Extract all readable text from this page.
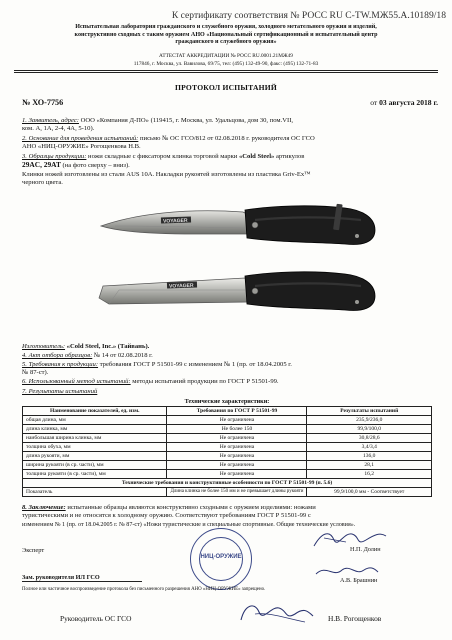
К сертификату соответствия № РОСС RU С-TW.МЖ55.А.10189/18
Испытательная лаборатория гражданского и служебного оружия, холодного метательного оружия и изделий,
конструктивно сходных с таким оружием АНО «Национальный сертификационный и испытательный центр
гражданского и служебного оружия»
АТТЕСТАТ АККРЕДИТАЦИИ № РОСС RU.0001.21МЖ49
117846, г. Москва, ул. Вавилова, 69/75, тел: (495) 132-49-90, факс: (495) 132-71-83
ПРОТОКОЛ ИСПЫТАНИЙ
№ ХО-7756	от 03 августа 2018 г.
1. Заявитель, адрес: ООО «Компания Д-ПО» (119415, г. Москва, ул. Удальцова, дом 30, пом.VII,
ком. А, 1А, 2-4, 4А, 5-10).
2. Основание для проведения испытаний: письмо № ОС ГСО/812 от 02.08.2018 г. руководителя ОС ГСО
АНО «НИЦ-ОРУЖИЕ» Рогощенкова Н.В.
3. Образцы продукции: ножи складные с фиксатором клинка торговой марки «Cold Steel» артикулов
29AC, 29AT (на фото сверху – вниз).
Клинки ножей изготовлены из стали AUS 10A. Накладки рукоятей изготовлены из пластика Griv-Ex™
черного цвета.
VOYAGER
VOYAGER
Изготовитель: «Cold Steel, Inc.» (Тайвань).
4. Акт отбора образцов: № 14 от 02.08.2018 г.
5. Требования к продукции: требования ГОСТ Р 51501-99 с изменением № 1 (пр. от 18.04.2005 г.
№ 87-ст).
6. Использованный метод испытаний: методы испытаний продукции по ГОСТ Р 51501-99.
7. Результаты испытаний
Технические характеристики:
Наименование показателей, ед. изм.	Требования по ГОСТ Р 51501-99	Результаты испытаний
общая длина, мм	Не ограничена	235,9/236,0
длина клинка, мм	Не более 150	99,9/100,0
наибольшая ширина клинка, мм	Не ограничена	30,8/28,6
толщина обуха, мм	Не ограничена	3,4/3,4
длина рукояти, мм	Не ограничена	136,0
ширина рукояти (в ср. части), мм	Не ограничена	28,1
толщина рукояти (в ср. части), мм	Не ограничена	16,2
Технические требования и конструктивные особенности по ГОСТ Р 51501-99 (п. 5.6)		
Показатель	Длина клинка не более 150 мм и не превышает длины рукояти	99,9/100,0 мм - Соответствует
8. Заключение: испытанные образцы являются конструктивно сходными с оружием изделиями: ножами
туристическими и не относятся к холодному оружию. Соответствуют требованиям ГОСТ Р 51501-99 с
изменением № 1 (пр. от 18.04.2005 г. № 87-ст) «Ножи туристические и специальные спортивные. Общие технические условия».
НИЦ-ОРУЖИЕ
Эксперт	Н.П. Долин
Зам. руководителя ИЛ ГСО	А.В. Брашнин
Полное или частичное воспроизведение протокола без письменного разрешения АНО «НИЦ-ОРУЖИЕ» запрещено.
Руководитель ОС ГСО	Н.В. Рогощенков
